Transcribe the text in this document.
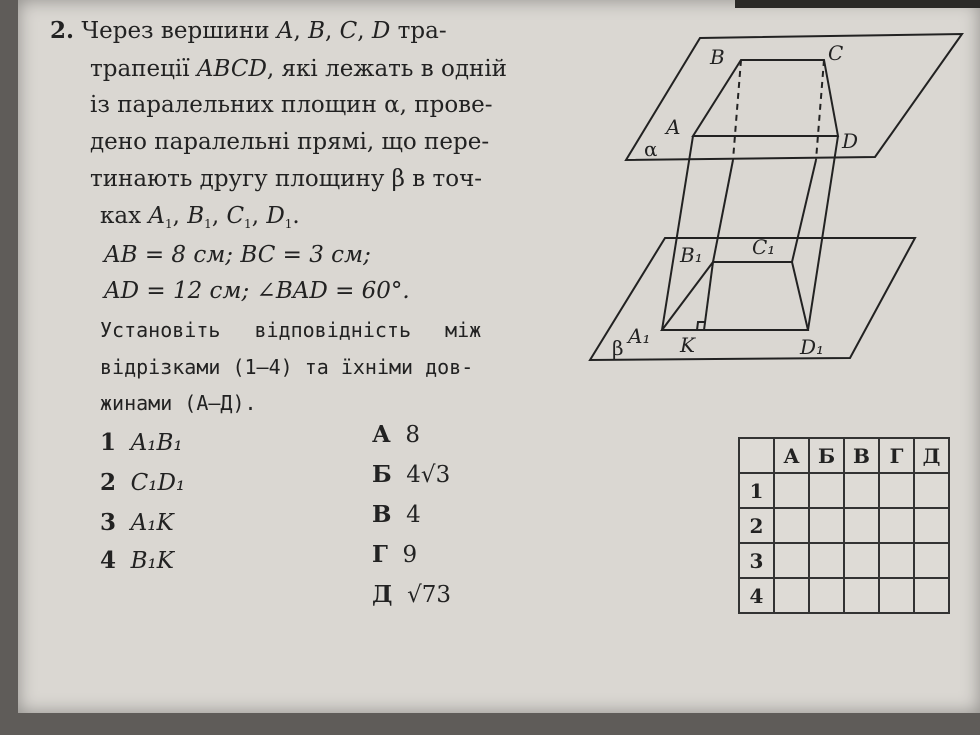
2. Через вершини A, B, C, D тра-
трапеції ABCD, які лежать в одній
із паралельних площин α, прове-
дено паралельні прямі, що пере-
тинають другу площину β в точ-
ках $A_1$, $B_1$, $C_1$, $D_1$.
AB = 8 см; BC = 3 см;
AD = 12 см; ∠BAD = 60°.
Установіть відповідність між
відрізками (1–4) та їхніми дов-
жинами (А–Д).
1 A₁B₁
2 C₁D₁
3 A₁K
4 B₁K
А 8
Б 4√3
В 4
Г 9
Д √73
α
β
A
B	C
D
A₁
B₁ C₁
D₁
K
	А	Б	В	Г	Д
1					
2					
3					
4					
